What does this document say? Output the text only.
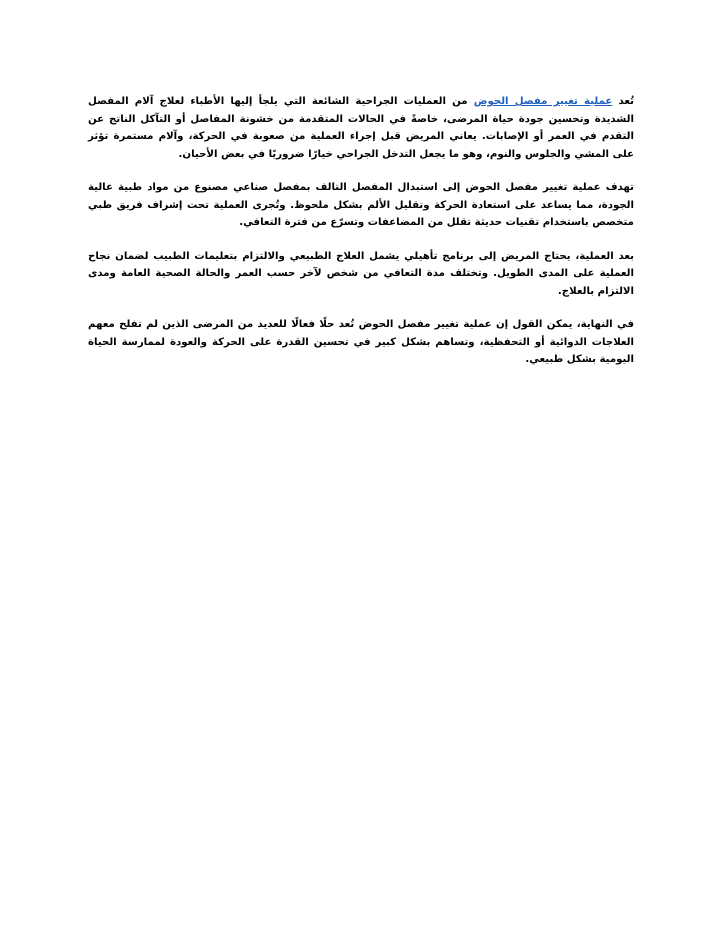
تُعد عملية تغيير مفصل الحوض من العمليات الجراحية الشائعة التي يلجأ إليها الأطباء لعلاج آلام المفصل الشديدة وتحسين جودة حياة المرضى، خاصةً في الحالات المتقدمة من خشونة المفاصل أو التآكل الناتج عن التقدم في العمر أو الإصابات. يعاني المريض قبل إجراء العملية من صعوبة في الحركة، وآلام مستمرة تؤثر على المشي والجلوس والنوم، وهو ما يجعل التدخل الجراحي خيارًا ضروريًا في بعض الأحيان.

تهدف عملية تغيير مفصل الحوض إلى استبدال المفصل التالف بمفصل صناعي مصنوع من مواد طبية عالية الجودة، مما يساعد على استعادة الحركة وتقليل الألم بشكل ملحوظ. وتُجرى العملية تحت إشراف فريق طبي متخصص باستخدام تقنيات حديثة تقلل من المضاعفات وتسرّع من فترة التعافي.

بعد العملية، يحتاج المريض إلى برنامج تأهيلي يشمل العلاج الطبيعي والالتزام بتعليمات الطبيب لضمان نجاح العملية على المدى الطويل. وتختلف مدة التعافي من شخص لآخر حسب العمر والحالة الصحية العامة ومدى الالتزام بالعلاج.

في النهاية، يمكن القول إن عملية تغيير مفصل الحوض تُعد حلًا فعالًا للعديد من المرضى الذين لم تفلح معهم العلاجات الدوائية أو التحفظية، وتساهم بشكل كبير في تحسين القدرة على الحركة والعودة لممارسة الحياة اليومية بشكل طبيعي.
